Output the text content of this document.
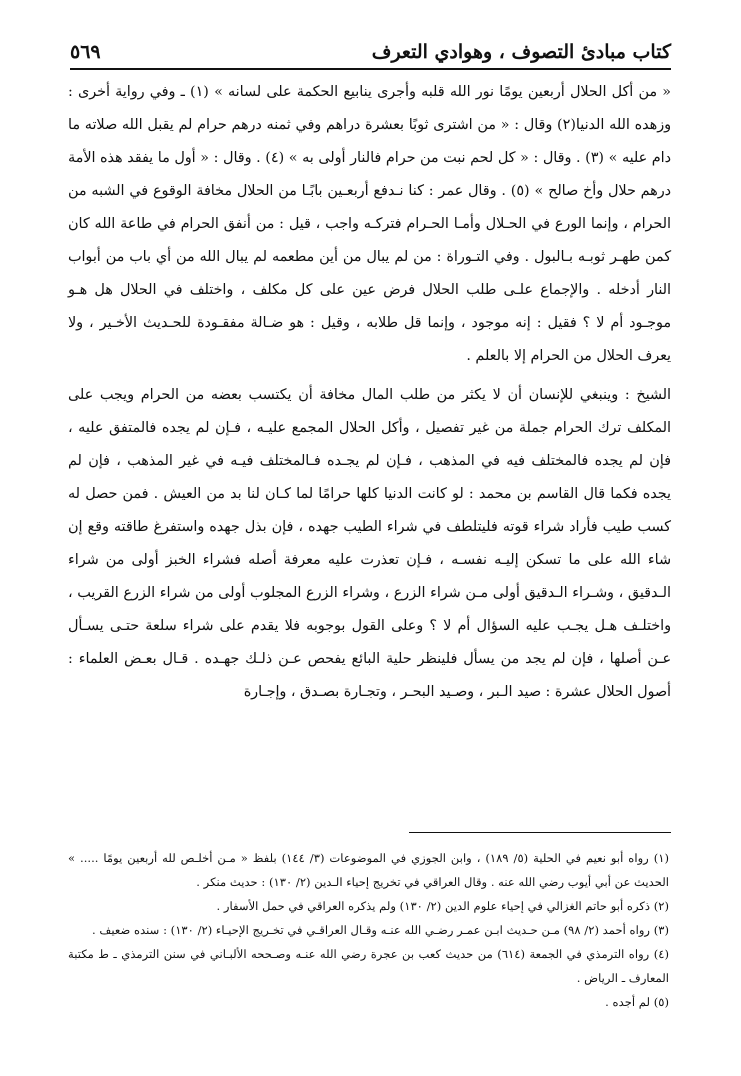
كتاب مبادئ التصوف ، وهوادي التعرف
٥٦٩

« من أكل الحلال أربعين يومًا نور الله قلبه وأجرى ينابيع الحكمة على لسانه » (١) ـ وفي رواية أخرى : وزهده الله الدنيا(٢) وقال : « من اشترى ثوبًا بعشرة دراهم وفي ثمنه درهم حرام لم يقبل الله صلاته ما دام عليه » (٣) . وقال : « كل لحم نبت من حرام فالنار أولى به » (٤) . وقال : « أول ما يفقد هذه الأمة درهم حلال وأخ صالح » (٥) . وقال عمر : كنا نـدفع أربعـين بابًـا من الحلال مخافة الوقوع في الشبه من الحرام ، وإنما الورع في الحـلال وأمـا الحـرام فتركـه واجب ، قيل : من أنفق الحرام في طاعة الله كان كمن طهـر ثوبـه بـالبول . وفي التـوراة : من لم يبال من أين مطعمه لم يبال الله من أي باب من أبواب النار أدخله . والإجماع علـى طلب الحلال فرض عين على كل مكلف ، واختلف في الحلال هل هـو موجـود أم لا ؟ فقيل : إنه موجود ، وإنما قل طلابه ، وقيل : هو ضـالة مفقـودة للحـديث الأخـير ، ولا يعرف الحلال من الحرام إلا بالعلم .

الشيخ : وينبغي للإنسان أن لا يكثر من طلب المال مخافة أن يكتسب بعضه من الحرام ويجب على المكلف ترك الحرام جملة من غير تفصيل ، وأكل الحلال المجمع عليـه ، فـإن لم يجده فالمتفق عليه ، فإن لم يجده فالمختلف فيه في المذهب ، فـإن لم يجـده فـالمختلف فيـه في غير المذهب ، فإن لم يجده فكما قال القاسم بن محمد : لو كانت الدنيا كلها حرامًا لما كـان لنا بد من العيش . فمن حصل له كسب طيب فأراد شراء قوته فليتلطف في شراء الطيب جهده ، فإن بذل جهده واستفرغ طاقته وقع إن شاء الله على ما تسكن إليـه نفسـه ، فـإن تعذرت عليه معرفة أصله فشراء الخبز أولى من شراء الـدقيق ، وشـراء الـدقيق أولى مـن شراء الزرع ، وشراء الزرع المجلوب أولى من شراء الزرع القريب ، واختلـف هـل يجـب عليه السؤال أم لا ؟ وعلى القول بوجوبه فلا يقدم على شراء سلعة حتـى يسـأل عـن أصلها ، فإن لم يجد من يسأل فلينظر حلية البائع يفحص عـن ذلـك جهـده . قـال بعـض العلماء : أصول الحلال عشرة : صيد الـبر ، وصـيد البحـر ، وتجـارة بصـدق ، وإجـارة

(١) رواه أبو نعيم في الحلية (٥/ ١٨٩) ، وابن الجوزي في الموضوعات (٣/ ١٤٤) بلفظ « مـن أخلـص لله أربعين يومًا ..... » الحديث عن أبي أيوب رضي الله عنه . وقال العراقي في تخريج إحياء الـدين (٢/ ١٣٠) : حديث منكر .

(٢) ذكره أبو حاتم الغزالي في إحياء علوم الدين (٢/ ١٣٠) ولم يذكره العراقي في حمل الأسفار .

(٣) رواه أحمد (٢/ ٩٨) مـن حـديث ابـن عمـر رضـي الله عنـه وقـال العراقـي في تخـريج الإحيـاء (٢/ ١٣٠) : سنده ضعيف .

(٤) رواه الترمذي في الجمعة (٦١٤) من حديث كعب بن عجرة رضي الله عنـه وصـححه الألبـاني في سنن الترمذي ـ ط مكتبة المعارف ـ الرياض .

(٥) لم أجده .
